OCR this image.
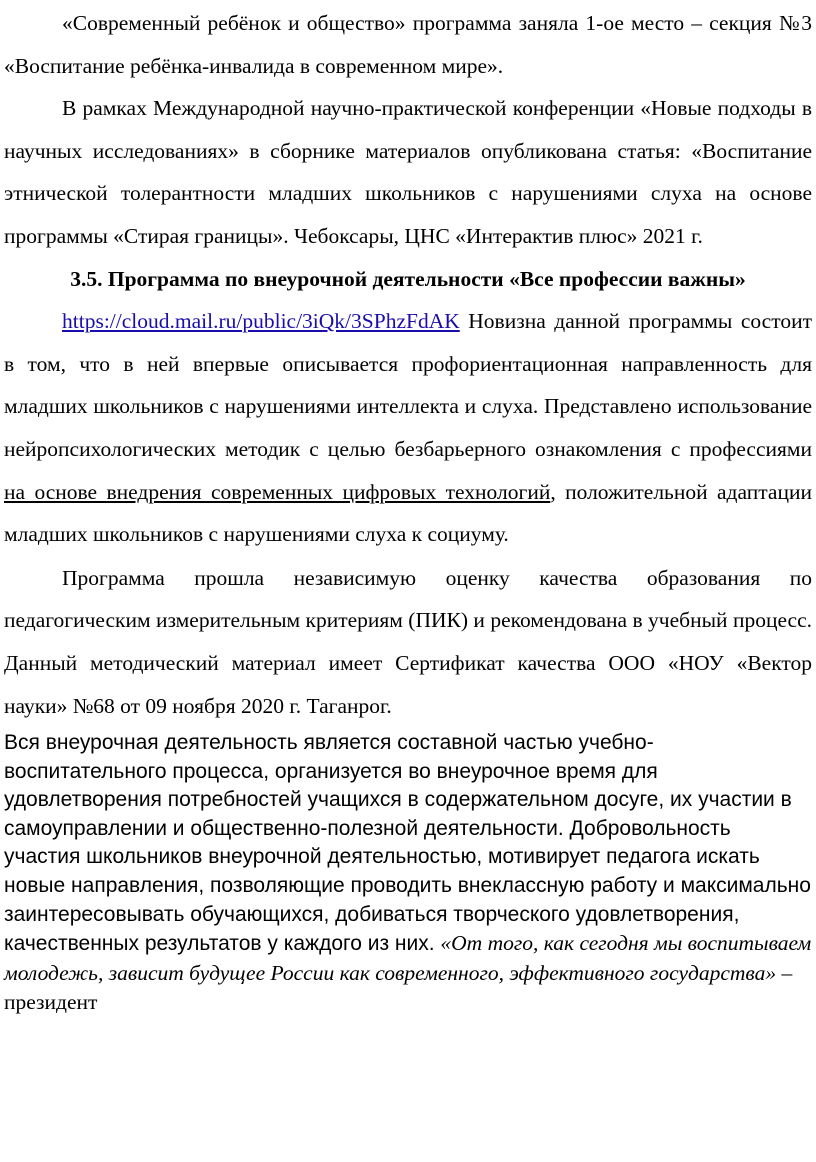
«Современный ребёнок и общество» программа заняла 1-ое место – секция №3 «Воспитание ребёнка-инвалида в современном мире».

В рамках Международной научно-практической конференции «Новые подходы в научных исследованиях» в сборнике материалов опубликована статья: «Воспитание этнической толерантности младших школьников с нарушениями слуха на основе программы «Стирая границы». Чебоксары, ЦНС «Интерактив плюс» 2021 г.

3.5. Программа по внеурочной деятельности «Все профессии важны»

https://cloud.mail.ru/public/3iQk/3SPhzFdAK Новизна данной программы состоит в том, что в ней впервые описывается профориентационная направленность для младших школьников с нарушениями интеллекта и слуха. Представлено использование нейропсихологических методик с целью безбарьерного ознакомления с профессиями на основе внедрения современных цифровых технологий, положительной адаптации младших школьников с нарушениями слуха к социуму.

Программа прошла независимую оценку качества образования по педагогическим измерительным критериям (ПИК) и рекомендована в учебный процесс. Данный методический материал имеет Сертификат качества ООО «НОУ «Вектор науки» №68 от 09 ноября 2020 г. Таганрог.

Вся внеурочная деятельность является составной частью учебно-воспитательного процесса, организуется во внеурочное время для удовлетворения потребностей учащихся в содержательном досуге, их участии в самоуправлении и общественно-полезной деятельности. Добровольность участия школьников внеурочной деятельностью, мотивирует педагога искать новые направления, позволяющие проводить внеклассную работу и максимально заинтересовывать обучающихся, добиваться творческого удовлетворения, качественных результатов у каждого из них. «От того, как сегодня мы воспитываем молодежь, зависит будущее России как современного, эффективного государства» – президент
